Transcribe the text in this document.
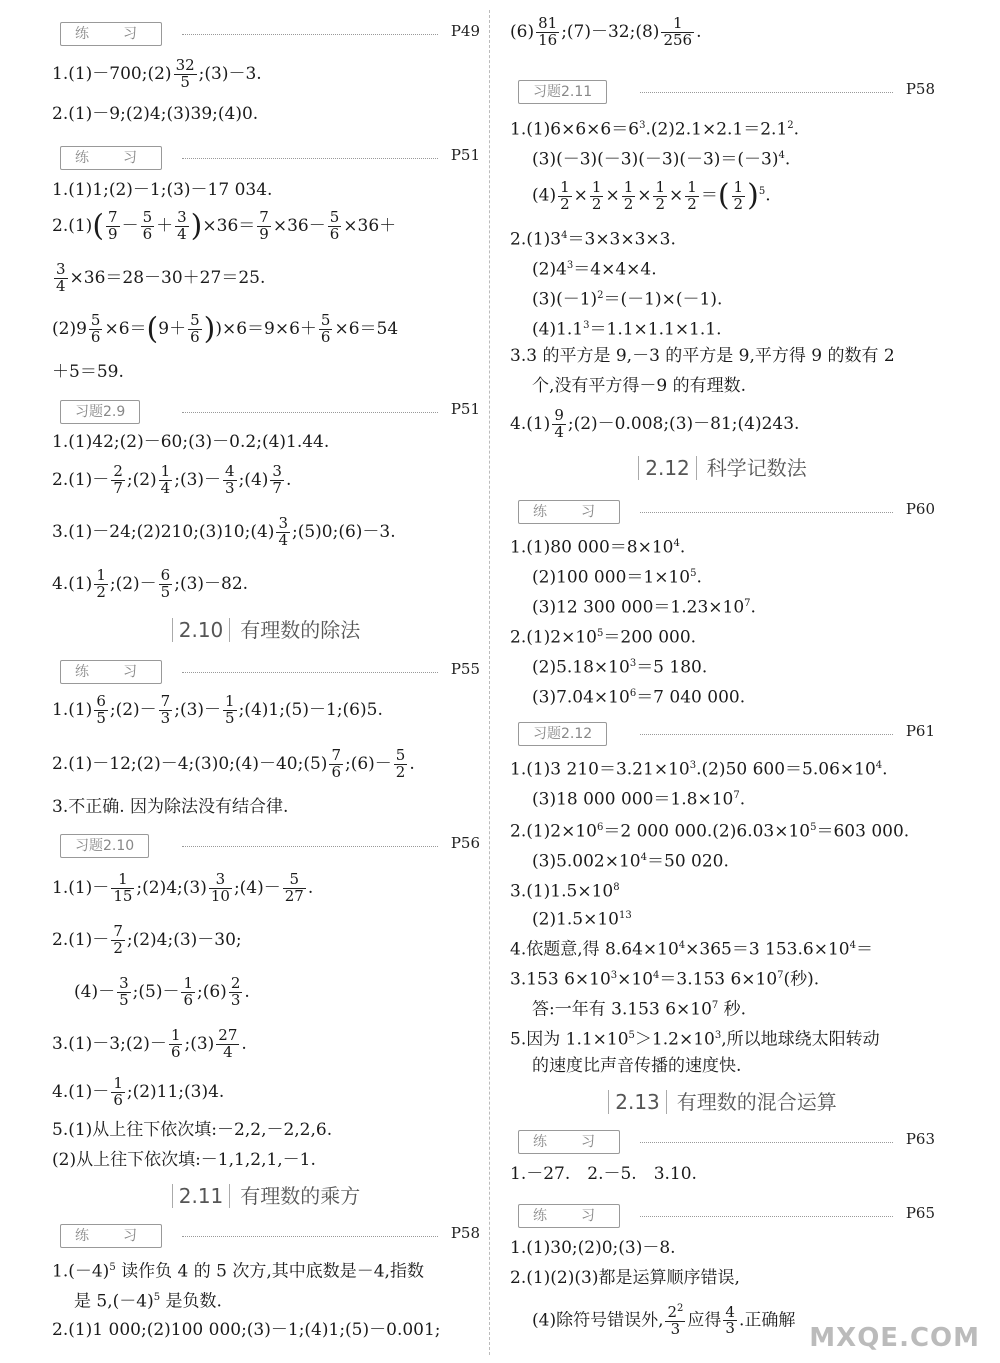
练　习	P49
1.(1)－700;(2) $\frac{32}{5}$ ;(3)－3.
2.(1)－9;(2)4;(3)39;(4)0.
练　习	P51
1.(1)1;(2)－1;(3)－17 034.
$2.(1)( \frac{7}{9} - \frac{5}{6} + \frac{3}{4} )\times 36= \frac{7}{9} \times 36- \frac{5}{6} \times 36+$
$\frac{3}{4} \times 36=28-30+27=25$.
$(2)9 \frac{5}{6} \times 6=(9+ \frac{5}{6} ))\times 6=9\times 6+ \frac{5}{6} \times 6=54$
＋5＝59.
习题2.9	P51
1.(1)42;(2)－60;(3)－0.2;(4)1.44.
$2.(1)- \frac{2}{7}$ ;(2) $\frac{1}{4}$ ;(3)－ $\frac{4}{3}$ ;(4) $\frac{3}{7}$ .
3.(1)－24;(2)210;(3)10;(4) $\frac{3}{4}$ ;(5)0;(6)－3.
$4.(1) \frac{1}{2}$ ;(2)－ $\frac{6}{5}$ ;(3)－82.
2.10 有理数的除法
练　习	P55
$1.(1) \frac{6}{5}$ ;(2)－ $\frac{7}{3}$ ;(3)－ $\frac{1}{5}$ ;(4)1;(5)－1;(6)5.
2.(1)－12;(2)－4;(3)0;(4)－40;(5) $\frac{7}{6}$ ;(6)－ $\frac{5}{2}$ .
3.不正确. 因为除法没有结合律.
习题2.10	P56
$1.(1)- \frac{1}{15}$ ;(2)4;(3) $\frac{3}{10}$ ;(4)－ $\frac{5}{27}$ .
$2.(1)- \frac{7}{2}$ ;(2)4;(3)－30;
$(4)- \frac{3}{5}$ ;(5)－ $\frac{1}{6}$ ;(6) $\frac{2}{3}$ .
3.(1)－3;(2)－ $\frac{1}{6}$ ;(3) $\frac{27}{4}$ .
$4.(1)- \frac{1}{6}$ ;(2)11;(3)4.
5.(1)从上往下依次填:－2,2,－2,2,6.
(2)从上往下依次填:－1,1,2,1,－1.
2.11 有理数的乘方
练　习	P58
$1.(-4)^5$ 读作负 4 的 5 次方,其中底数是－4,指数
是 $5,(-4)^5$ 是负数.
2.(1)1 000;(2)100 000;(3)－1;(4)1;(5)－0.001;
$(6) \frac{81}{16}$ ;(7)－32;(8) $\frac{1}{256}$ .
习题2.11	P58
$1.(1)6\times 6\times 6=6^3.(2)2.1\times 2.1=2.1^2$.
$(3)(-3)(-3)(-3)(-3)=(-3)^4$.
$(4) \frac{1}{2} \times \frac{1}{2} \times \frac{1}{2} \times \frac{1}{2} \times \frac{1}{2}$ ＝( $\frac{1}{2} )^5$.
$2.(1)3^4=3\times 3\times 3\times 3$.
$(2)4^3=4\times 4\times 4$.
$(3)(-1)^2=(-1)\times(-1)$.
$(4)1.1^3=1.1\times 1.1\times 1.1$.
3.3 的平方是 9,－3 的平方是 9,平方得 9 的数有 2
个,没有平方得－9 的有理数.
$4.(1) \frac{9}{4}$ ;(2)－0.008;(3)－81;(4)243.
2.12 科学记数法
练　习	P60
1.(1)80 $000=8\times 10^4$.
(2)100 $000=1\times 10^5$.
(3)12 300 $000=1.23\times 10^7$.
$2.(1)2\times 10^5=200$ 000.
$(2)5.18\times 10^3=5$ 180.
$(3)7.04\times 10^6=7$ 040 000.
习题2.12	P61
1.(1)3 $210=3.21\times 10^3.(2)50$ $600=5.06\times 10^4$.
(3)18 000 $000=1.8\times 10^7$.
$2.(1)2\times 10^6=2$ 000 $000.(2)6.03\times 10^5=603$ 000.
$(3)5.002\times 10^4=50$ 020.
$3.(1)1.5\times 10^8$
$(2)1.5\times 10^{13}$
4.依题意,得 $8.64\times 10^4\times 365=3$ $153.6\times 10^4=$
3.153 $6\times 10^3\times 10^4=3.153$ $6\times 10^7$(秒).
答:一年有 3.153 $6\times 10^7$ 秒.
5.因为 $1.1\times 10^5>1.2\times 10^3$,所以地球绕太阳转动
的速度比声音传播的速度快.
2.13 有理数的混合运算
练　习	P63
1.－27.　2.－5.　3.10.
练　习	P65
1.(1)30;(2)0;(3)－8.
2.(1)(2)(3)都是运算顺序错误,
(4)除符号错误外, $\frac{2^2}{3}$ 应得 $\frac{4}{3}$ .正确解
MXQE.COM
